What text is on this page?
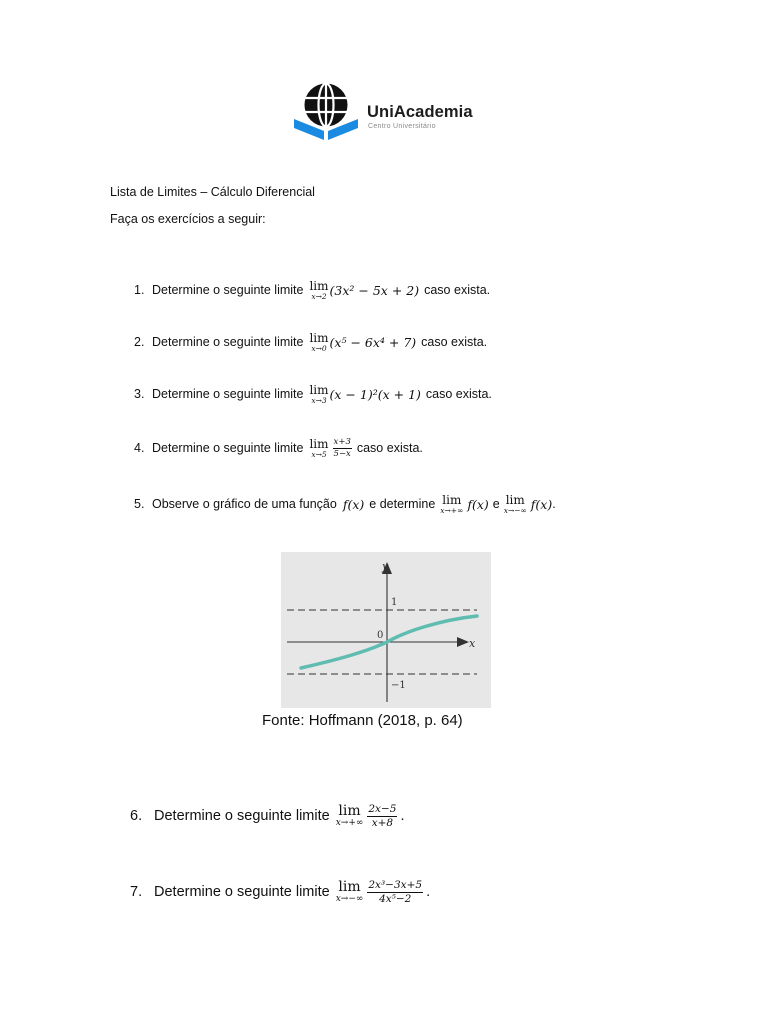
UniAcademia
Centro Universitário
Lista de Limites – Cálculo Diferencial
Faça os exercícios a seguir:
1. Determine o seguinte limite lim
x→2 (3x² − 5x + 2) caso exista.
2. Determine o seguinte limite lim
x→0 (x⁵ − 6x⁴ + 7) caso exista.
3. Determine o seguinte limite lim
x→3 (x − 1)²(x + 1) caso exista.
4. Determine o seguinte limite lim
$x\to 5 \frac{x+3}{5-x}$ caso exista.
5. Observe o gráfico de uma função f(x) e determine lim
x→+∞ f(x) e lim
x→−∞ f(x) .
y
x
0
1
−1
Fonte: Hoffmann (2018, p. 64)
6. Determine o seguinte limite lim
$x\to+\infty \frac{2x-5}{x+8}$ .
7. Determine o seguinte limite lim
$x\to-\infty \frac{\text{2x³−3x+5}}{\text{4x⁵−2}}$ .
